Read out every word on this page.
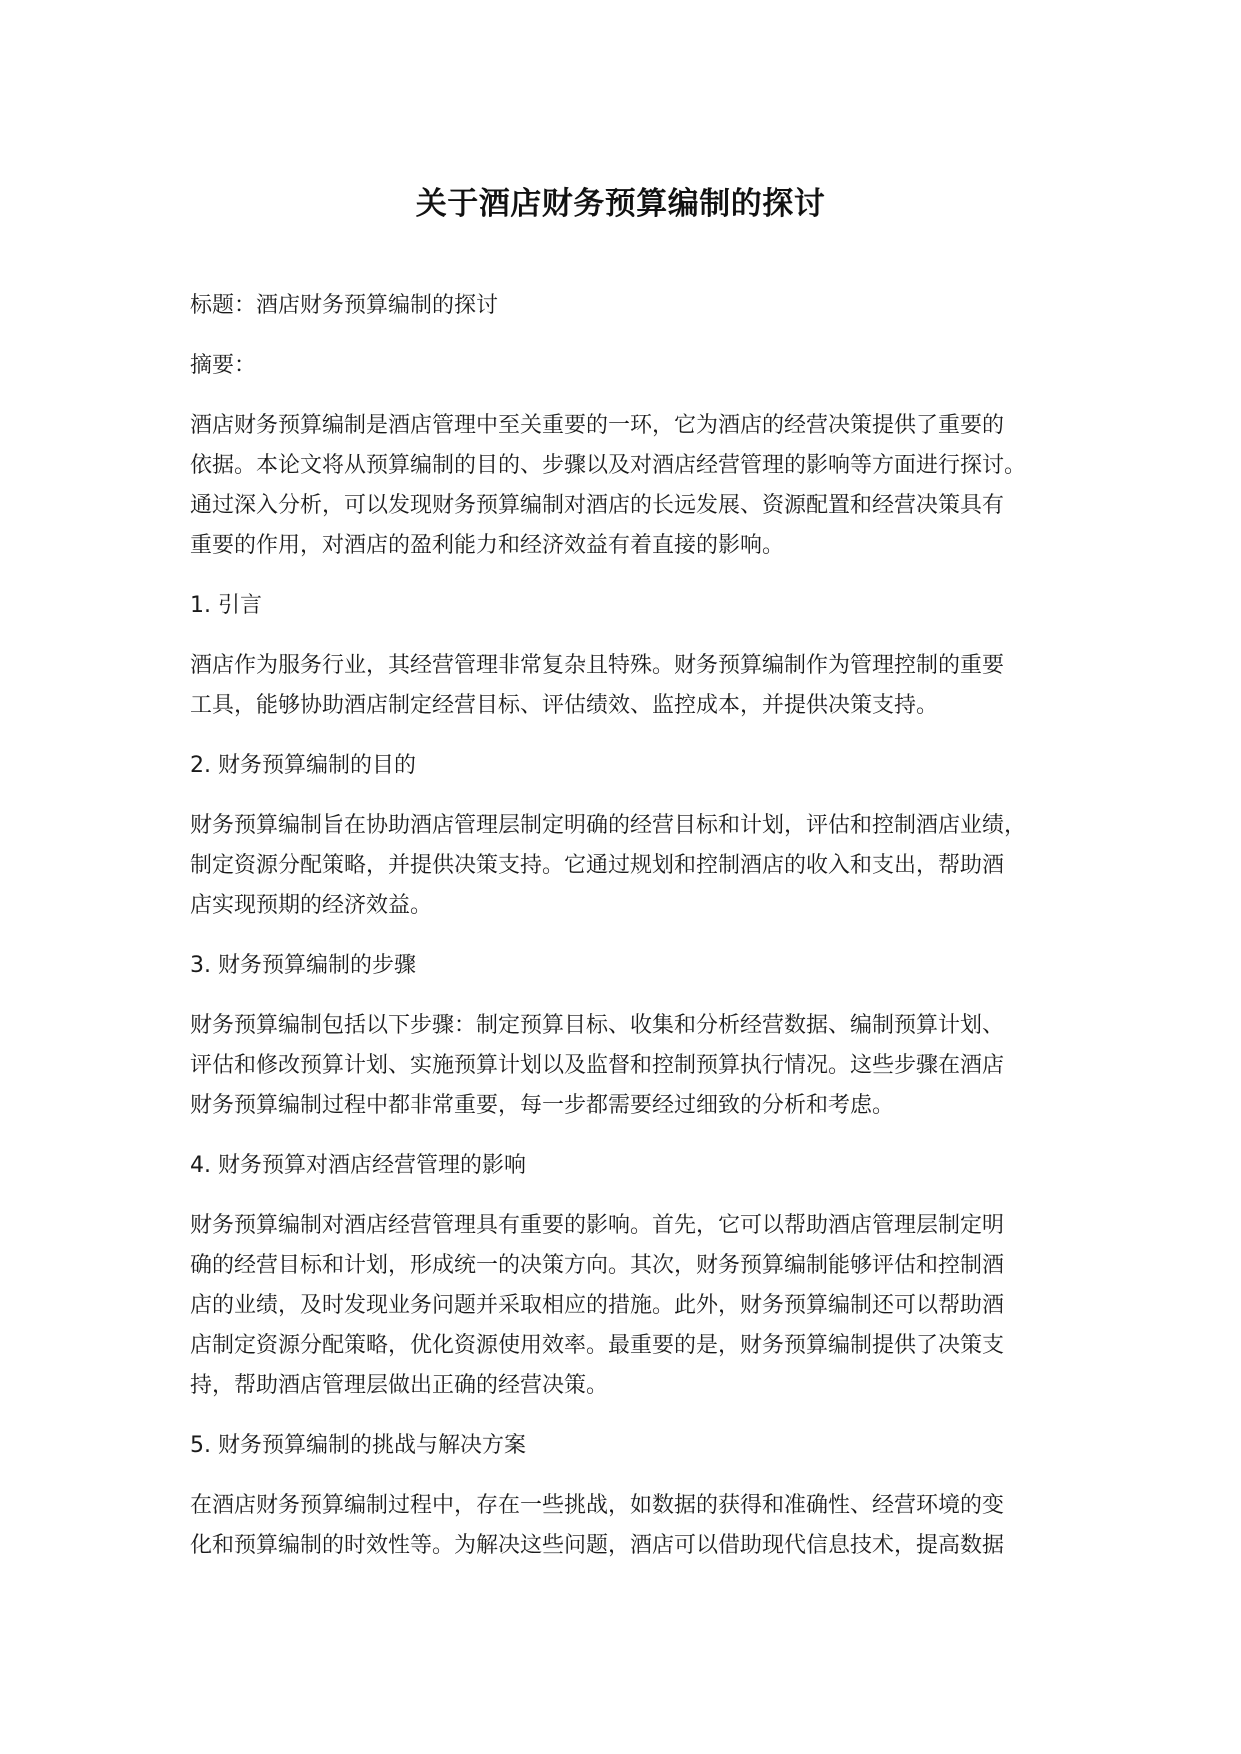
关于酒店财务预算编制的探讨
标题：酒店财务预算编制的探讨
摘要：
酒店财务预算编制是酒店管理中至关重要的一环，它为酒店的经营决策提供了重要的
依据。本论文将从预算编制的目的、步骤以及对酒店经营管理的影响等方面进行探讨。
通过深入分析，可以发现财务预算编制对酒店的长远发展、资源配置和经营决策具有
重要的作用，对酒店的盈利能力和经济效益有着直接的影响。
1. 引言
酒店作为服务行业，其经营管理非常复杂且特殊。财务预算编制作为管理控制的重要
工具，能够协助酒店制定经营目标、评估绩效、监控成本，并提供决策支持。
2. 财务预算编制的目的
财务预算编制旨在协助酒店管理层制定明确的经营目标和计划，评估和控制酒店业绩，
制定资源分配策略，并提供决策支持。它通过规划和控制酒店的收入和支出，帮助酒
店实现预期的经济效益。
3. 财务预算编制的步骤
财务预算编制包括以下步骤：制定预算目标、收集和分析经营数据、编制预算计划、
评估和修改预算计划、实施预算计划以及监督和控制预算执行情况。这些步骤在酒店
财务预算编制过程中都非常重要，每一步都需要经过细致的分析和考虑。
4. 财务预算对酒店经营管理的影响
财务预算编制对酒店经营管理具有重要的影响。首先，它可以帮助酒店管理层制定明
确的经营目标和计划，形成统一的决策方向。其次，财务预算编制能够评估和控制酒
店的业绩，及时发现业务问题并采取相应的措施。此外，财务预算编制还可以帮助酒
店制定资源分配策略，优化资源使用效率。最重要的是，财务预算编制提供了决策支
持，帮助酒店管理层做出正确的经营决策。
5. 财务预算编制的挑战与解决方案
在酒店财务预算编制过程中，存在一些挑战，如数据的获得和准确性、经营环境的变
化和预算编制的时效性等。为解决这些问题，酒店可以借助现代信息技术，提高数据
